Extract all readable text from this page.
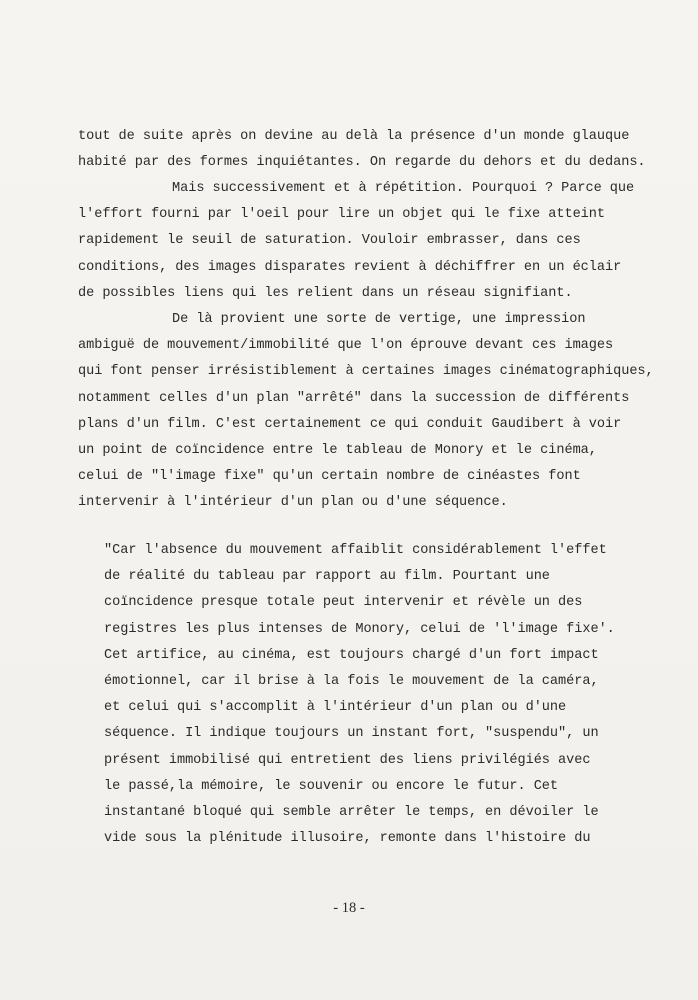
tout de suite après on devine au delà la présence d'un monde glauque
habité par des formes inquiétantes. On regarde du dehors et du dedans.
Mais successivement et à répétition. Pourquoi ? Parce que
l'effort fourni par l'oeil pour lire un objet qui le fixe atteint
rapidement le seuil de saturation. Vouloir embrasser, dans ces
conditions, des images disparates revient à déchiffrer en un éclair
de possibles liens qui les relient dans un réseau signifiant.
De là provient une sorte de vertige, une impression
ambiguë de mouvement/immobilité que l'on éprouve devant ces images
qui font penser irrésistiblement à certaines images cinématographiques,
notamment celles d'un plan "arrêté" dans la succession de différents
plans d'un film. C'est certainement ce qui conduit Gaudibert à voir
un point de coïncidence entre le tableau de Monory et le cinéma,
celui de "l'image fixe" qu'un certain nombre de cinéastes font
intervenir à l'intérieur d'un plan ou d'une séquence.
"Car l'absence du mouvement affaiblit considérablement l'effet
de réalité du tableau par rapport au film. Pourtant une
coïncidence presque totale peut intervenir et révèle un des
registres les plus intenses de Monory, celui de 'l'image fixe'.
Cet artifice, au cinéma, est toujours chargé d'un fort impact
émotionnel, car il brise à la fois le mouvement de la caméra,
et celui qui s'accomplit à l'intérieur d'un plan ou d'une
séquence. Il indique toujours un instant fort, "suspendu", un
présent immobilisé qui entretient des liens privilégiés avec
le passé,la mémoire, le souvenir ou encore le futur. Cet
instantané bloqué qui semble arrêter le temps, en dévoiler le
vide sous la plénitude illusoire, remonte dans l'histoire du
- 18 -
